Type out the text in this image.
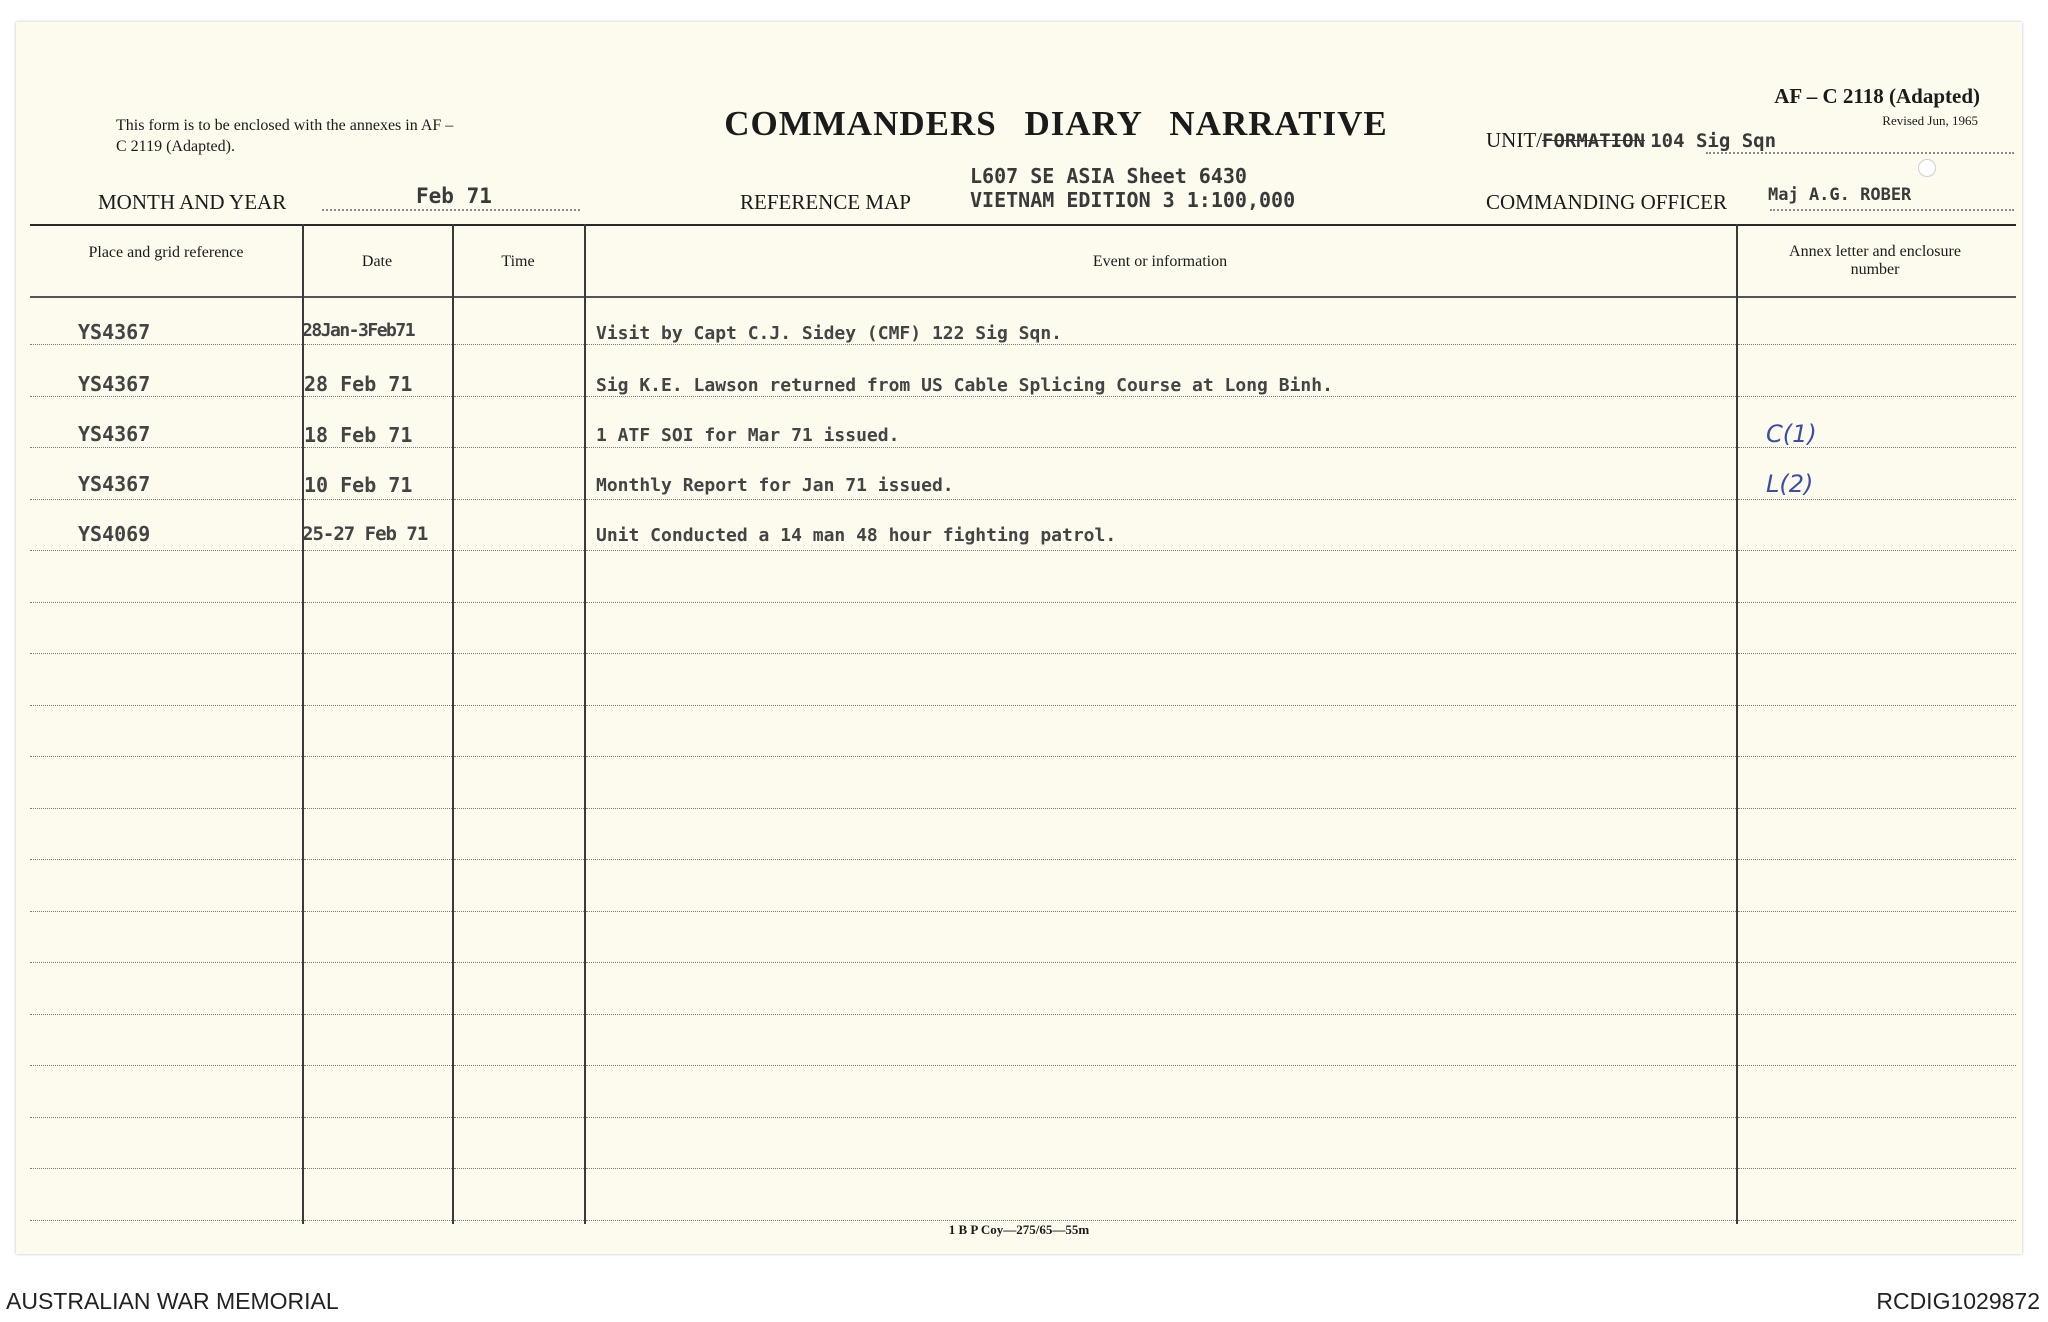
This form is to be enclosed with the annexes in AF – C 2119 (Adapted).
COMMANDERS DIARY NARRATIVE
AF – C 2118 (Adapted)
Revised Jun, 1965
UNIT/FORMATION 104 Sig Sqn
MONTH AND YEAR	Feb 71	REFERENCE MAP
L607 SE ASIA Sheet 6430
VIETNAM EDITION 3 1:100,000	COMMANDING OFFICER Maj A.G. ROBER
Place and grid reference
Date	Time	Event or information
Annex letter and enclosure number
YS4367	28Jan-3Feb71	Visit by Capt C.J. Sidey (CMF) 122 Sig Sqn.
YS4367	28 Feb 71	Sig K.E. Lawson returned from US Cable Splicing Course at Long Binh.
YS4367	18 Feb 71	1 ATF SOI for Mar 71 issued.	C(1)
YS4367	10 Feb 71	Monthly Report for Jan 71 issued.	L(2)
YS4069	25-27 Feb 71	Unit Conducted a 14 man 48 hour fighting patrol.
1 B P Coy—275/65—55m
AUSTRALIAN WAR MEMORIAL	RCDIG1029872
